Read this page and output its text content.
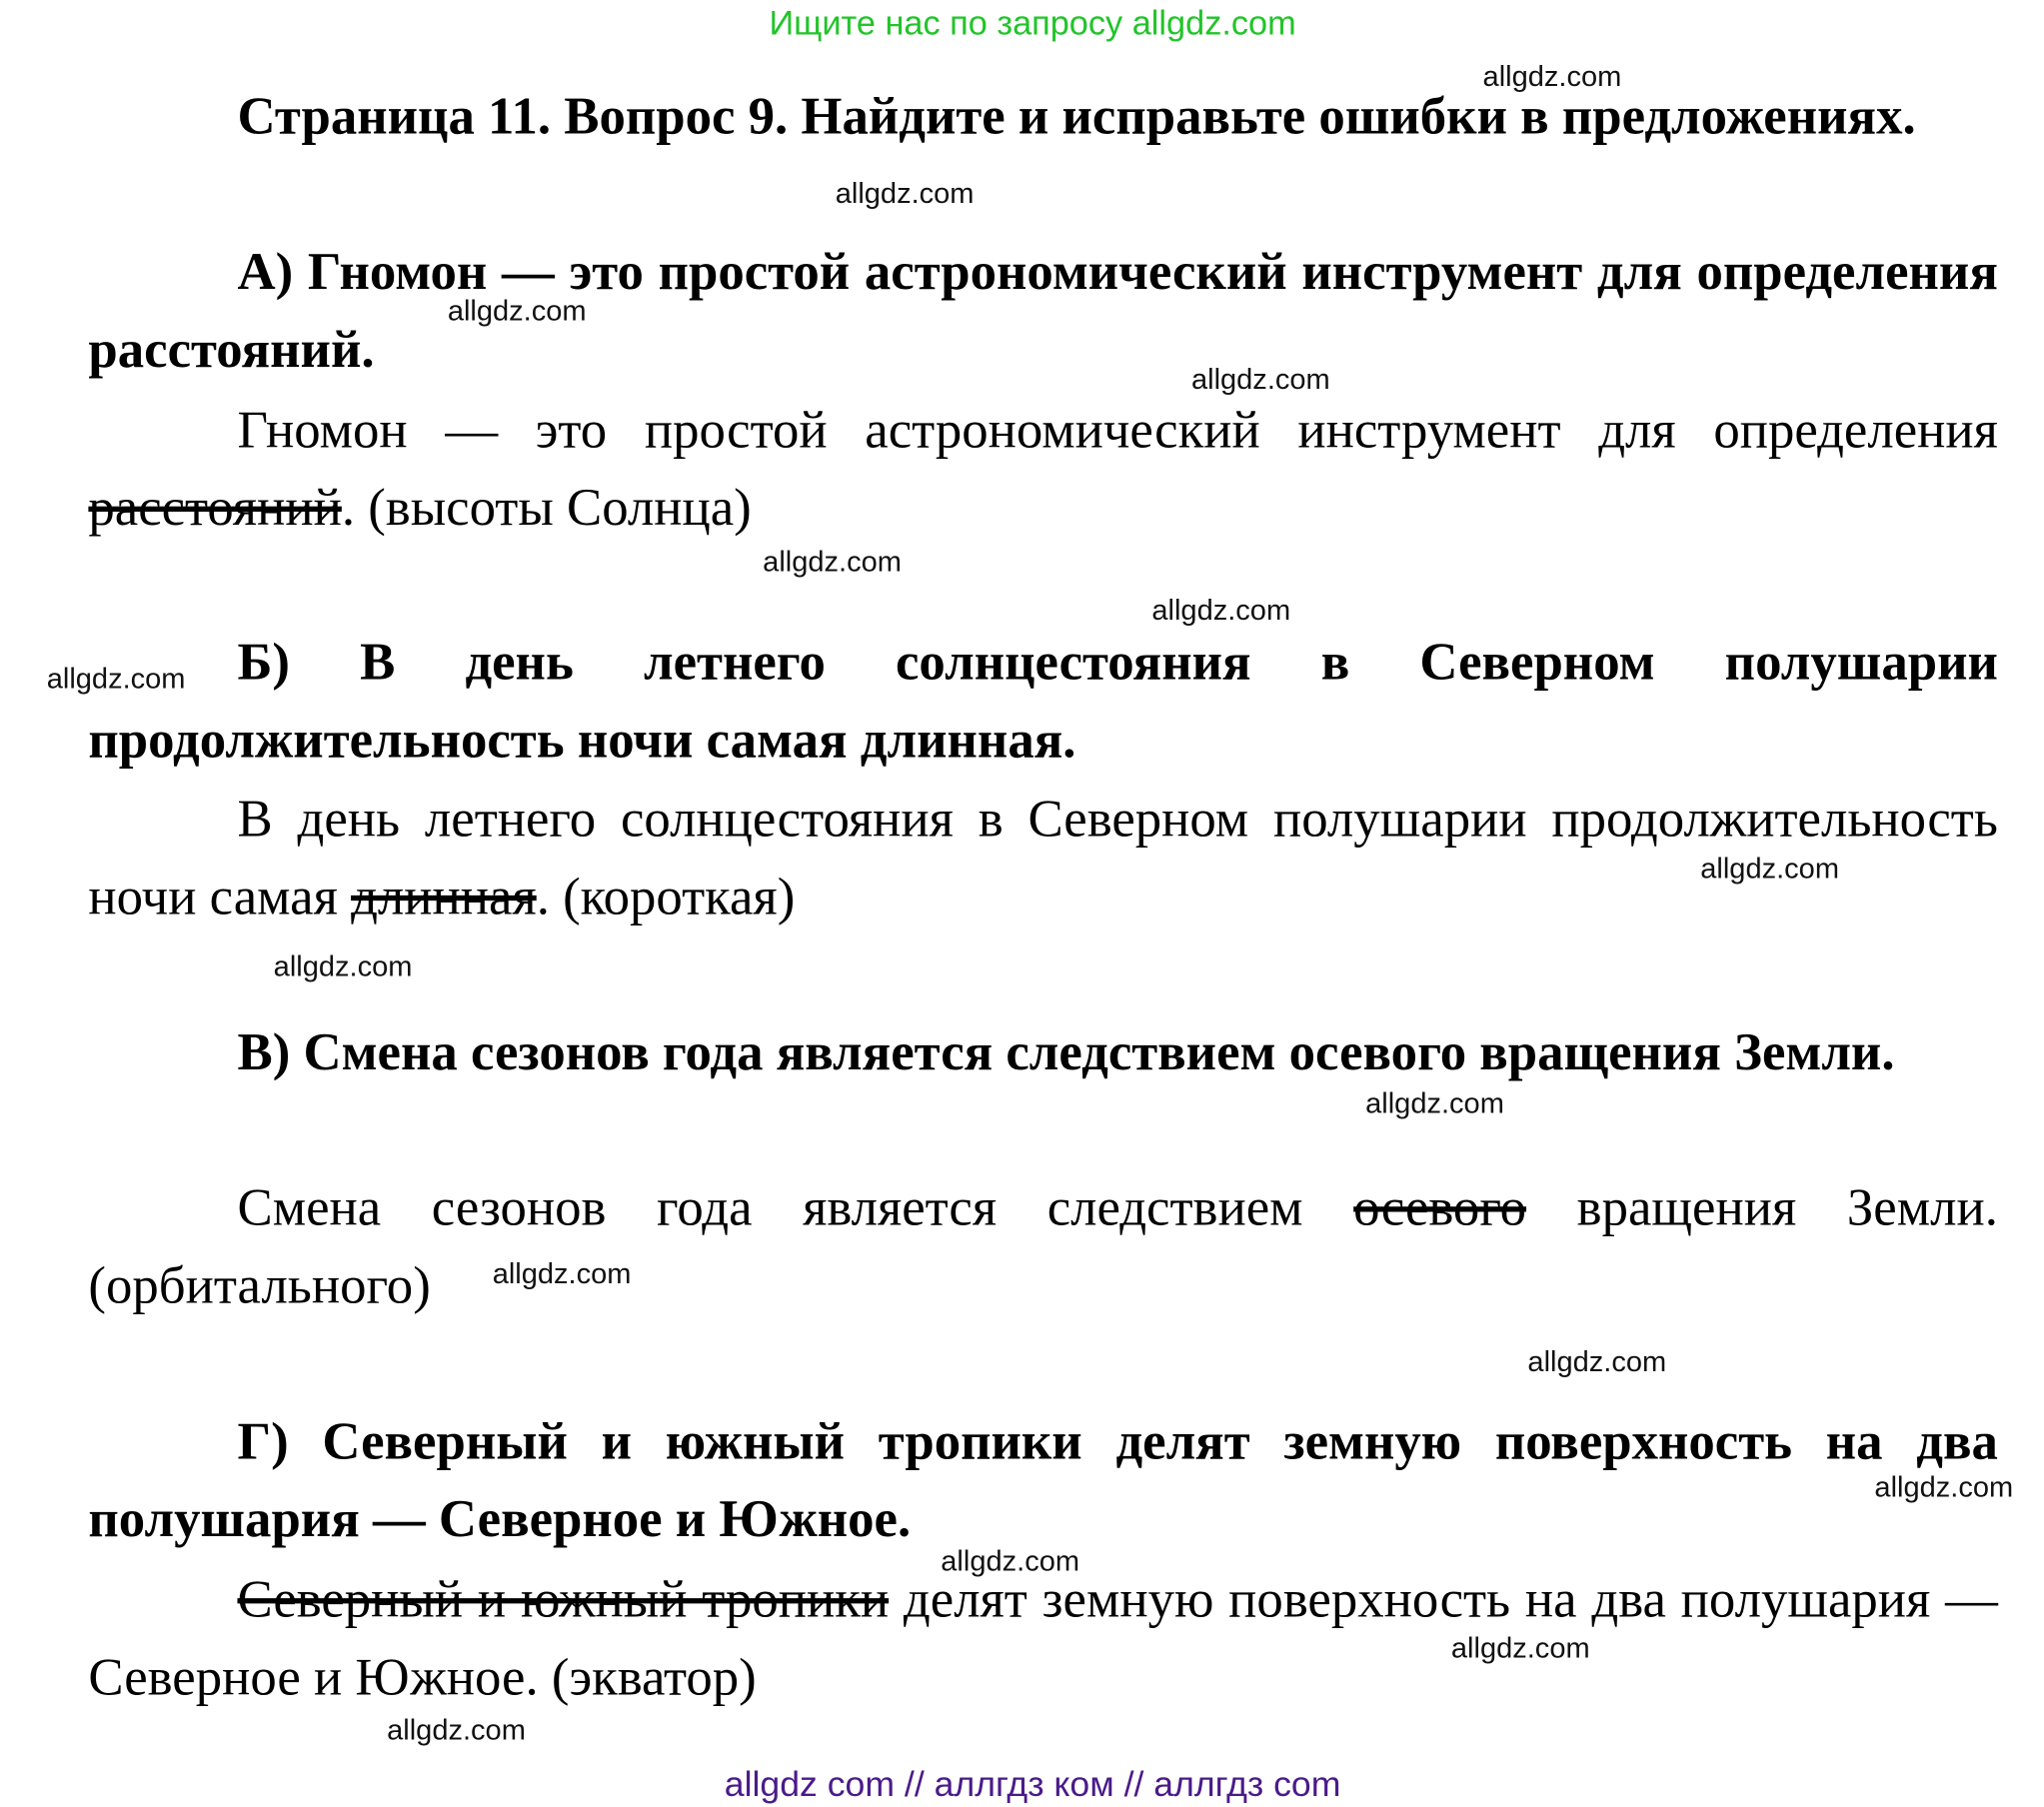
Ищите нас по запросу allgdz.com

Страница 11. Вопрос 9. Найдите и исправьте ошибки в предложениях.

А) Гномон — это простой астрономический инструмент для определения расстояний.

Гномон — это простой астрономический инструмент для определения расстояний. (высоты Солнца)

Б) В день летнего солнцестояния в Северном полушарии продолжительность ночи самая длинная.

В день летнего солнцестояния в Северном полушарии продолжительность ночи самая длинная. (короткая)

В) Смена сезонов года является следствием осевого вращения Земли.

Смена сезонов года является следствием осевого вращения Земли. (орбитального)

Г) Северный и южный тропики делят земную поверхность на два полушария — Северное и Южное.

Северный и южный тропики делят земную поверхность на два полушария — Северное и Южное. (экватор)

allgdz.com
allgdz.com
allgdz.com
allgdz.com
allgdz.com
allgdz.com
allgdz.com
allgdz.com
allgdz.com
allgdz.com
allgdz.com
allgdz.com
allgdz.com
allgdz.com
allgdz.com
allgdz.com
allgdz com // аллгдз ком // аллгдз com
